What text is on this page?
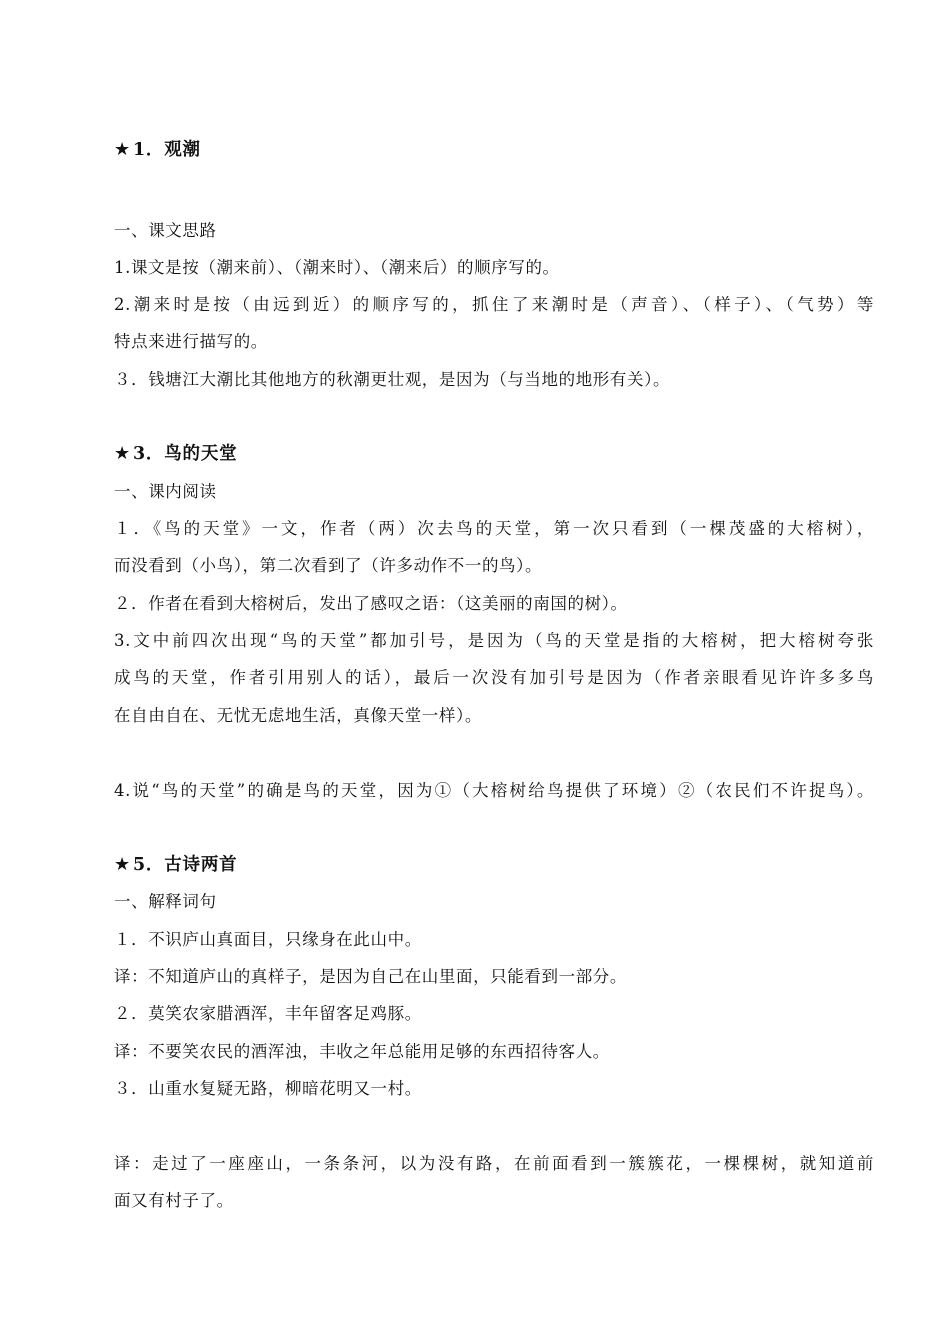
★ 1．观潮
一、课文思路
1.课文是按（潮来前）、（潮来时）、（潮来后）的顺序写的。
2.潮来时是按（由远到近）的顺序写的，抓住了来潮时是（声音）、（样子）、（气势）等
特点来进行描写的。
３．钱塘江大潮比其他地方的秋潮更壮观，是因为（与当地的地形有关）。
★ 3．鸟的天堂
一、课内阅读
１．《鸟的天堂》一文，作者（两）次去鸟的天堂，第一次只看到（一棵茂盛的大榕树），
而没看到（小鸟），第二次看到了（许多动作不一的鸟）。
２．作者在看到大榕树后，发出了感叹之语：（这美丽的南国的树）。
3.文中前四次出现“鸟的天堂”都加引号，是因为（鸟的天堂是指的大榕树，把大榕树夸张
成鸟的天堂，作者引用别人的话），最后一次没有加引号是因为（作者亲眼看见许许多多鸟
在自由自在、无忧无虑地生活，真像天堂一样）。
4.说“鸟的天堂”的确是鸟的天堂，因为①（大榕树给鸟提供了环境）②（农民们不许捉鸟）。
★ 5．古诗两首
一、解释词句
１．不识庐山真面目，只缘身在此山中。
译：不知道庐山的真样子，是因为自己在山里面，只能看到一部分。
２．莫笑农家腊酒浑，丰年留客足鸡豚。
译：不要笑农民的酒浑浊，丰收之年总能用足够的东西招待客人。
３．山重水复疑无路，柳暗花明又一村。
译：走过了一座座山，一条条河，以为没有路，在前面看到一簇簇花，一棵棵树，就知道前
面又有村子了。
